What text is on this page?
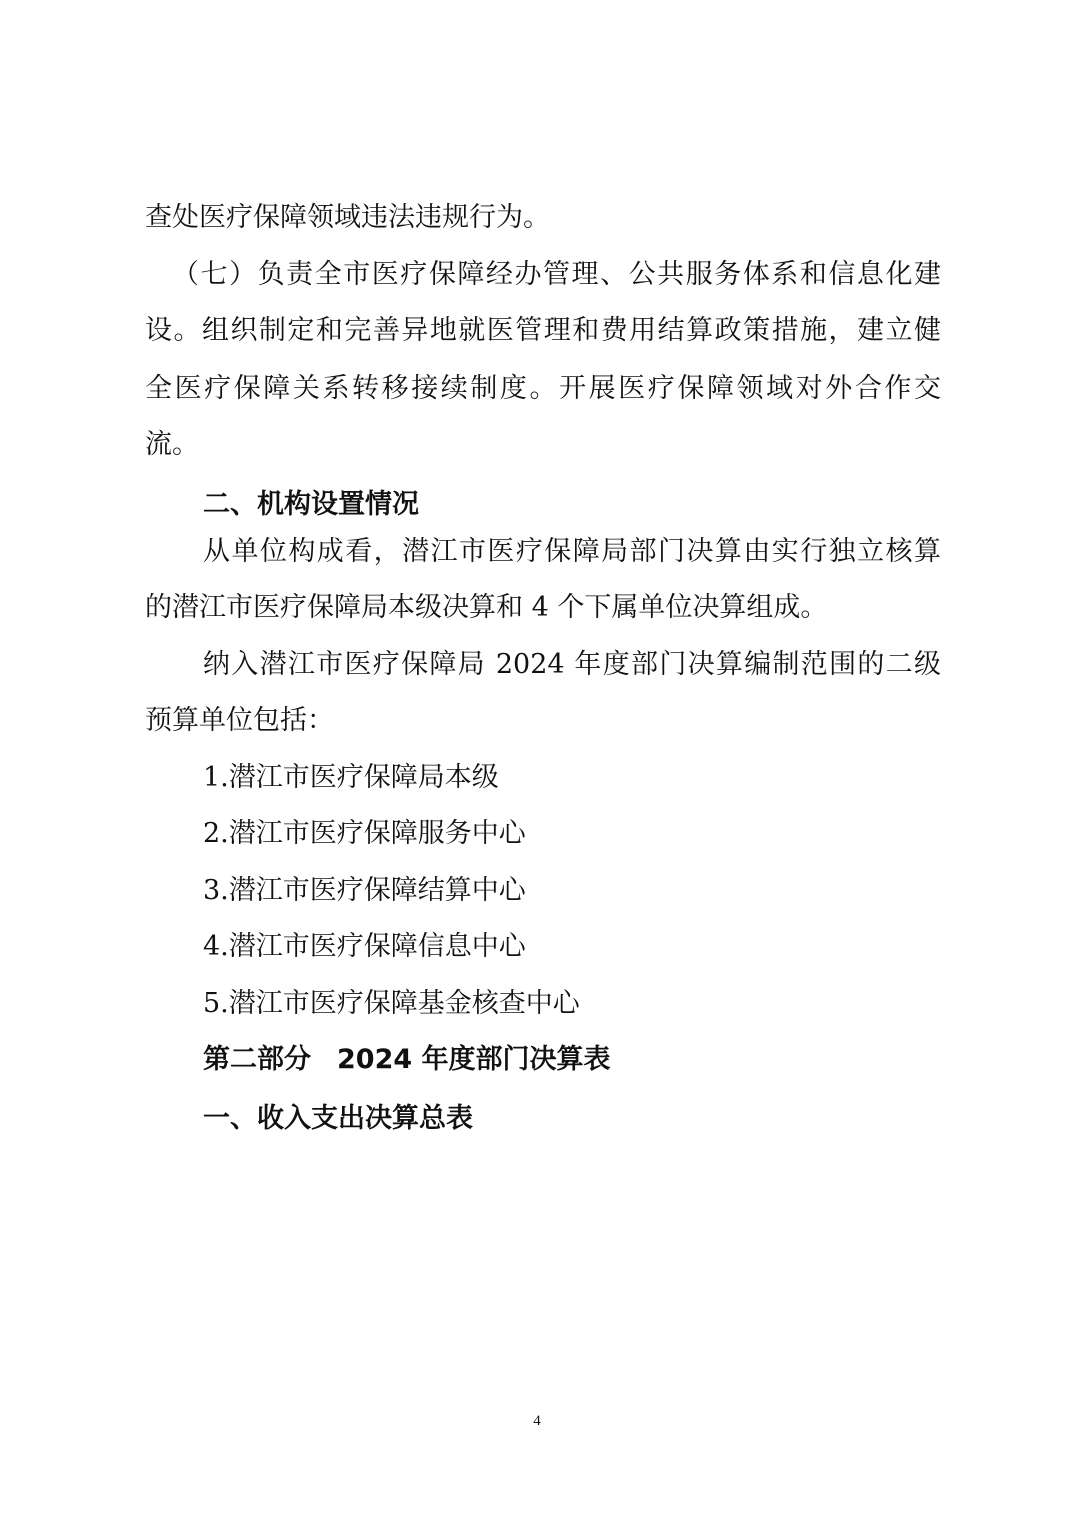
查处医疗保障领域违法违规行为。
（七）负责全市医疗保障经办管理、公共服务体系和信息化建
设。组织制定和完善异地就医管理和费用结算政策措施，建立健
全医疗保障关系转移接续制度。开展医疗保障领域对外合作交
流。
二、机构设置情况
从单位构成看，潜江市医疗保障局部门决算由实行独立核算
的潜江市医疗保障局本级决算和 4 个下属单位决算组成。
纳入潜江市医疗保障局 2024 年度部门决算编制范围的二级
预算单位包括：
1.潜江市医疗保障局本级
2.潜江市医疗保障服务中心
3.潜江市医疗保障结算中心
4.潜江市医疗保障信息中心
5.潜江市医疗保障基金核查中心
第二部分 2024 年度部门决算表
一、收入支出决算总表
4
